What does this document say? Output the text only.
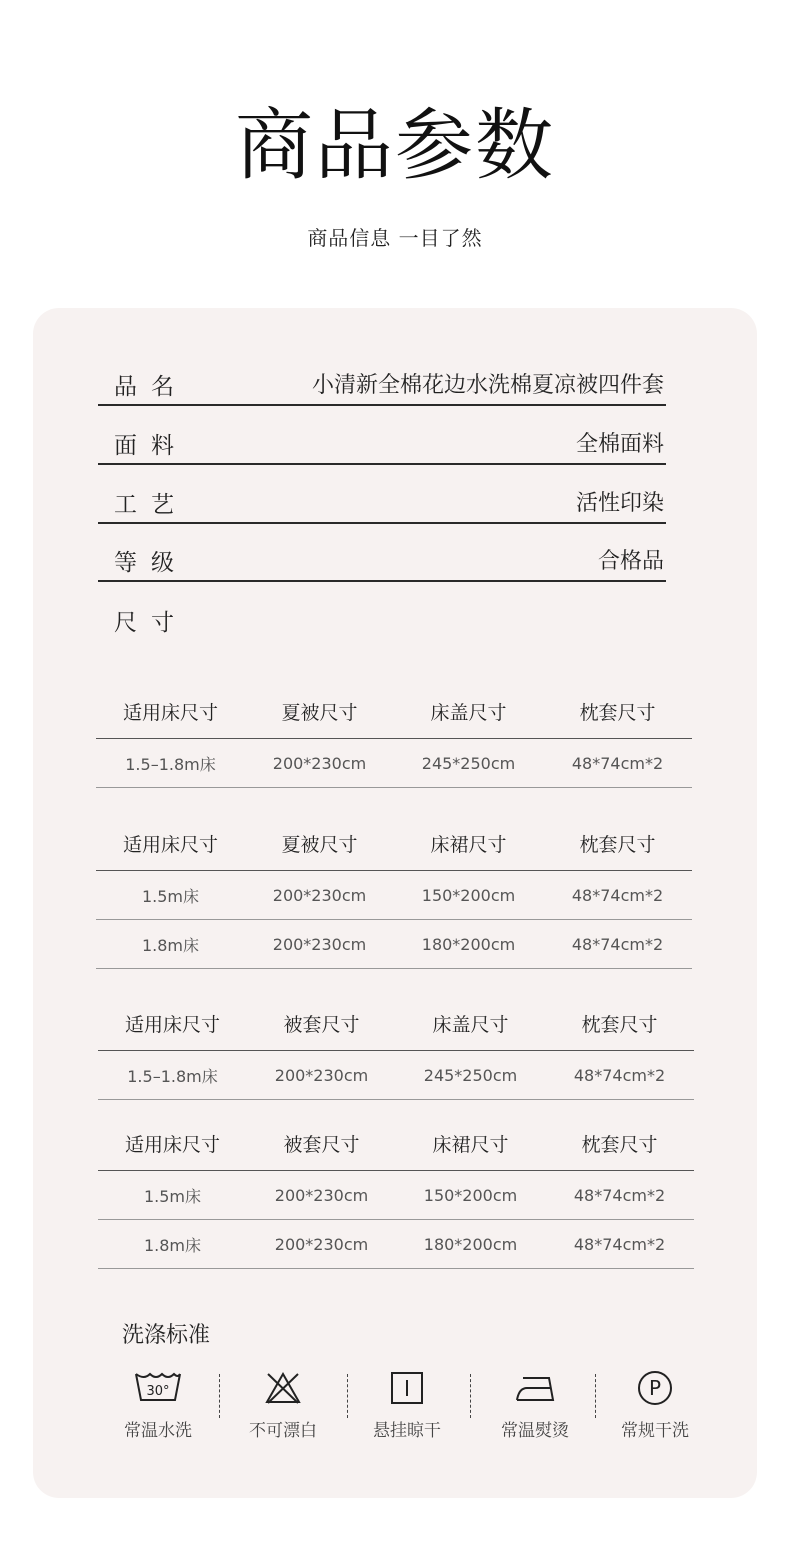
商品参数
商品信息 一目了然
品名	小清新全棉花边水洗棉夏凉被四件套
面料	全棉面料
工艺	活性印染
等级	合格品
尺寸
适用床尺寸	夏被尺寸	床盖尺寸	枕套尺寸
1.5–1.8m床	200*230cm	245*250cm	48*74cm*2
适用床尺寸	夏被尺寸	床裙尺寸	枕套尺寸
1.5m床	200*230cm	150*200cm	48*74cm*2
1.8m床	200*230cm	180*200cm	48*74cm*2
适用床尺寸	被套尺寸	床盖尺寸	枕套尺寸
1.5–1.8m床	200*230cm	245*250cm	48*74cm*2
适用床尺寸	被套尺寸	床裙尺寸	枕套尺寸
1.5m床	200*230cm	150*200cm	48*74cm*2
1.8m床	200*230cm	180*200cm	48*74cm*2
洗涤标准
30°
常温水洗	不可漂白	悬挂晾干	常温熨烫
P
常规干洗
